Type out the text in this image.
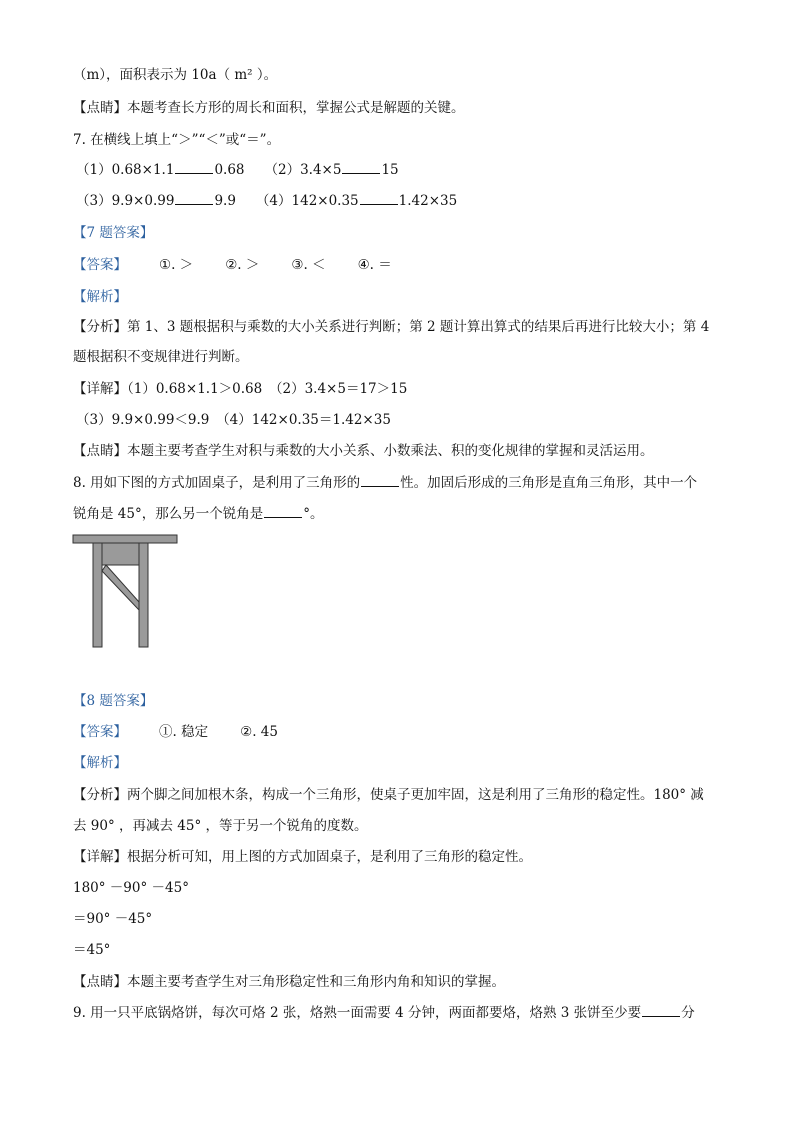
（m），面积表示为 10a（ m² ）。
【点睛】本题考查长方形的周长和面积，掌握公式是解题的关键。
7. 在横线上填上“＞”“＜”或“＝”。
（1）0.68×1.1	0.68 （2）3.4×5	15
（3）9.9×0.99	9.9 （4）142×0.35	1.42×35
【7 题答案】
【答案】 ①. ＞ ②. ＞ ③. ＜ ④. ＝
【解析】
【分析】第 1、3 题根据积与乘数的大小关系进行判断；第 2 题计算出算式的结果后再进行比较大小；第 4
题根据积不变规律进行判断。
【详解】（1）0.68×1.1＞0.68　（2）3.4×5＝17＞15
（3）9.9×0.99＜9.9　（4）142×0.35＝1.42×35
【点睛】本题主要考查学生对积与乘数的大小关系、小数乘法、积的变化规律的掌握和灵活运用。
8. 用如下图的方式加固桌子，是利用了三角形的	性。加固后形成的三角形是直角三角形，其中一个
锐角是 45°，那么另一个锐角是	°。
【8 题答案】
【答案】 ①. 稳定 ②. 45
【解析】
【分析】两个脚之间加根木条，构成一个三角形，使桌子更加牢固，这是利用了三角形的稳定性。180° 减
去 90° ，再减去 45° ，等于另一个锐角的度数。
【详解】根据分析可知，用上图的方式加固桌子，是利用了三角形的稳定性。
180° －90° －45°
＝90° －45°
＝45°
【点睛】本题主要考查学生对三角形稳定性和三角形内角和知识的掌握。
9. 用一只平底锅烙饼，每次可烙 2 张，烙熟一面需要 4 分钟，两面都要烙，烙熟 3 张饼至少要	分
